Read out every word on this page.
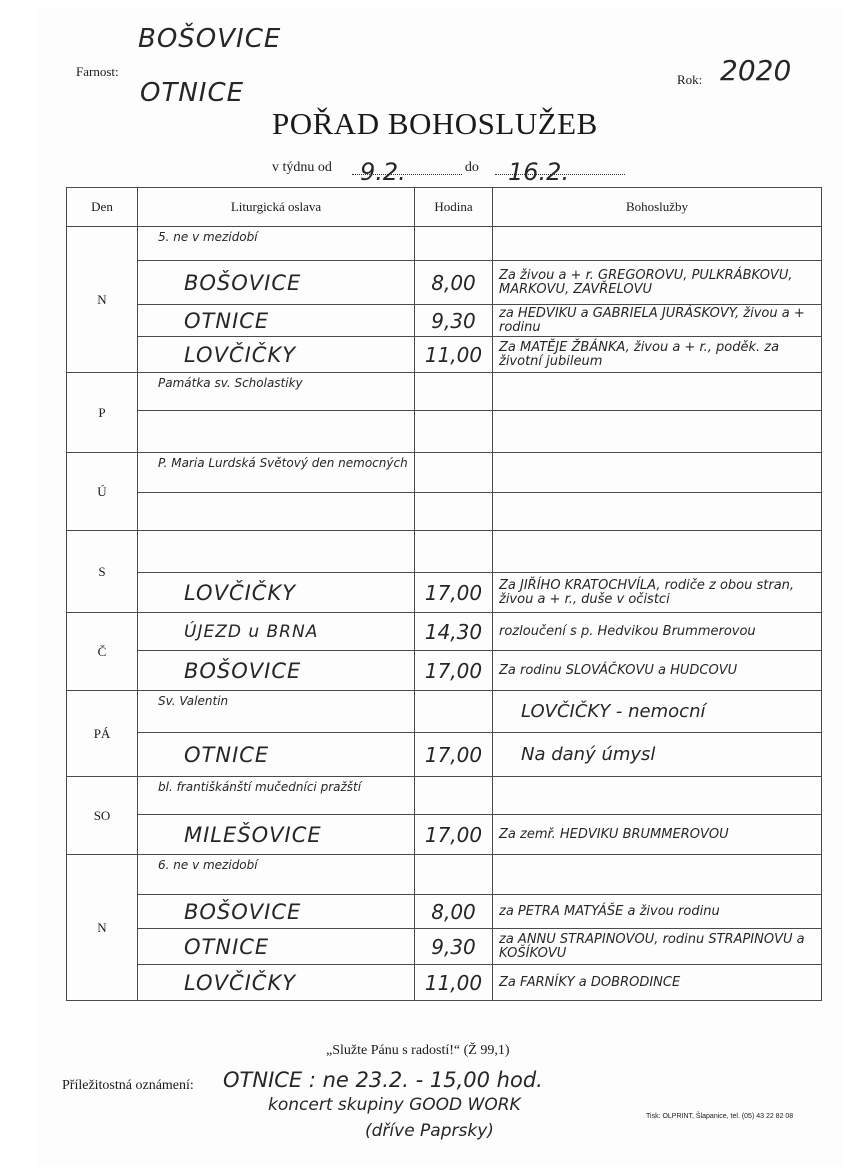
Farnost:
BOŠOVICE
OTNICE	Rok: 2020
POŘAD BOHOSLUŽEB
v týdnu od	do
9.2.	16.2.
Den	Liturgická oslava	Hodina	Bohoslužby
N	5. ne v mezidobí		
	BOŠOVICE	8,00	Za živou a + r. GREGOROVU, PULKRÁBKOVU, MARKOVU, ZAVŘELOVU
	OTNICE	9,30	za HEDVIKU a GABRIELA JURÁSKOVY, živou a + rodinu
	LOVČIČKY	11,00	Za MATĚJE ŽBÁNKA, živou a + r., poděk. za životní jubileum
P	Památka sv. Scholastiky		

Ú	P. Maria Lurdská Světový den nemocných		

S			
	LOVČIČKY	17,00	Za JIŘÍHO KRATOCHVÍLA, rodiče z obou stran, živou a + r., duše v očistci
Č	ÚJEZD u BRNA	14,30	rozloučení s p. Hedvikou Brummerovou
	BOŠOVICE	17,00	Za rodinu SLOVÁČKOVU a HUDCOVU
PÁ	Sv. Valentin		LOVČIČKY - nemocní
	OTNICE	17,00	Na daný úmysl
SO	bl. františkánští mučedníci pražští		
	MILEŠOVICE	17,00	Za zemř. HEDVIKU BRUMMEROVOU
N	6. ne v mezidobí		
	BOŠOVICE	8,00	za PETRA MATYÁŠE a živou rodinu
	OTNICE	9,30	za ANNU STRAPINOVOU, rodinu STRAPINOVU a KOŠÍKOVU
	LOVČIČKY	11,00	Za FARNÍKY a DOBRODINCE
„Služte Pánu s radostí!“ (Ž 99,1)
Příležitostná oznámení: OTNICE : ne 23.2. - 15,00 hod.
koncert skupiny GOOD WORK
(dříve Paprsky)
Tisk: OLPRINT, Šlapanice, tel. (05) 43 22 82 08
